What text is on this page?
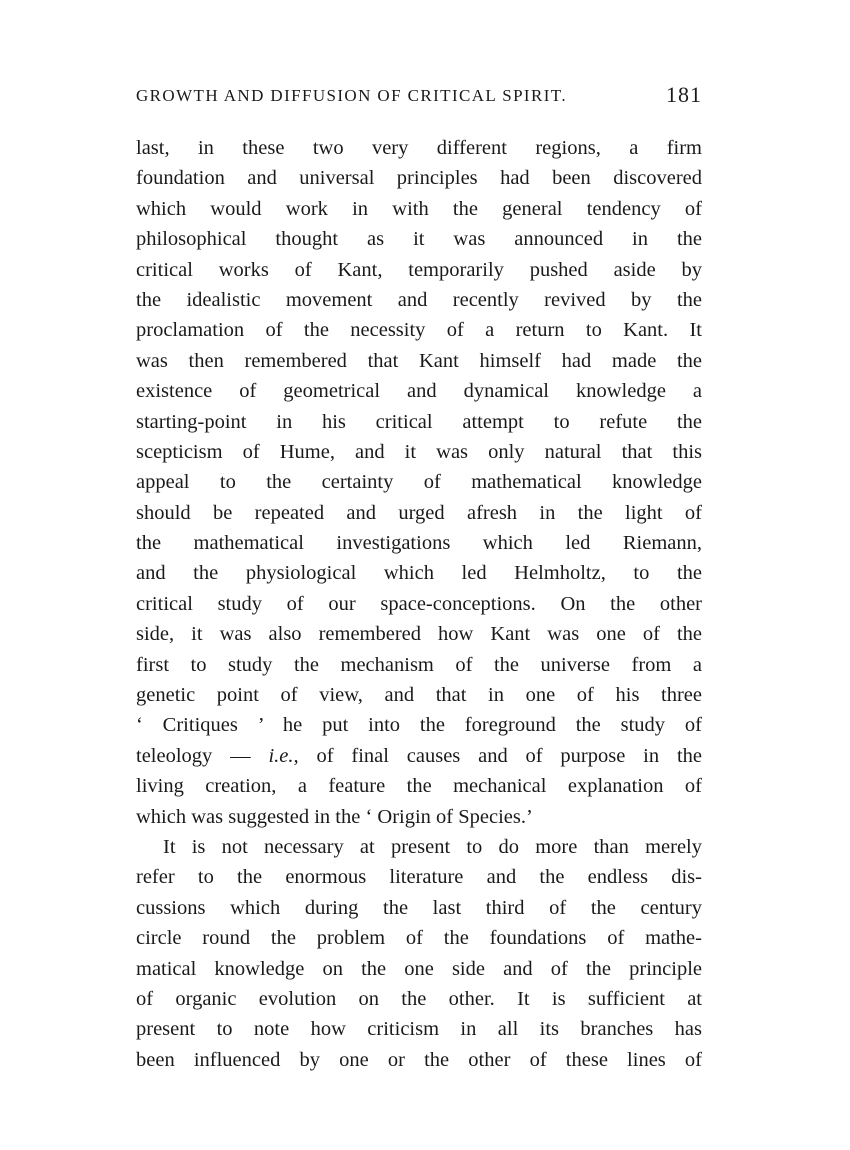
GROWTH AND DIFFUSION OF CRITICAL SPIRIT.	181
last, in these two very different regions, a firm
foundation and universal principles had been discovered
which would work in with the general tendency of
philosophical thought as it was announced in the
critical works of Kant, temporarily pushed aside by
the idealistic movement and recently revived by the
proclamation of the necessity of a return to Kant. It
was then remembered that Kant himself had made the
existence of geometrical and dynamical knowledge a
starting-point in his critical attempt to refute the
scepticism of Hume, and it was only natural that this
appeal to the certainty of mathematical knowledge
should be repeated and urged afresh in the light of
the mathematical investigations which led Riemann,
and the physiological which led Helmholtz, to the
critical study of our space-conceptions. On the other
side, it was also remembered how Kant was one of the
first to study the mechanism of the universe from a
genetic point of view, and that in one of his three
‘ Critiques ’ he put into the foreground the study of
teleology — i.e., of final causes and of purpose in the
living creation, a feature the mechanical explanation of
which was suggested in the ‘ Origin of Species.’
It is not necessary at present to do more than merely
refer to the enormous literature and the endless dis-
cussions which during the last third of the century
circle round the problem of the foundations of mathe-
matical knowledge on the one side and of the principle
of organic evolution on the other. It is sufficient at
present to note how criticism in all its branches has
been influenced by one or the other of these lines of
